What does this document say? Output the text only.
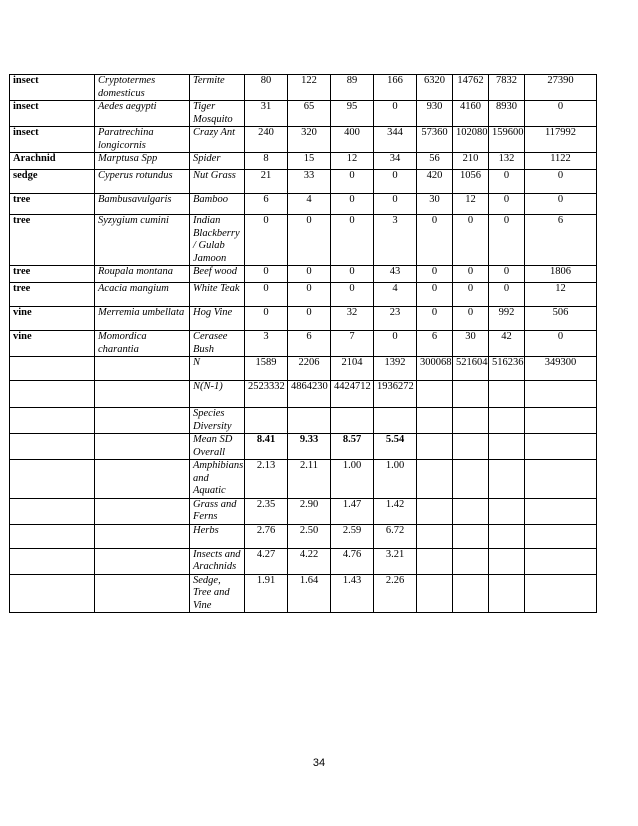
insect	Cryptotermes domesticus	Termite	80	122	89	166	6320	14762	7832	27390
insect	Aedes aegypti	Tiger Mosquito	31	65	95	0	930	4160	8930	0
insect	Paratrechina longicornis	Crazy Ant	240	320	400	344	57360	102080	159600	117992
Arachnid	Marptusa Spp	Spider	8	15	12	34	56	210	132	1122
sedge	Cyperus rotundus	Nut Grass	21	33	0	0	420	1056	0	0
tree	Bambusavulgaris	Bamboo	6	4	0	0	30	12	0	0
tree	Syzygium cumini	Indian Blackberry / Gulab Jamoon	0	0	0	3	0	0	0	6
tree	Roupala montana	Beef wood	0	0	0	43	0	0	0	1806
tree	Acacia mangium	White Teak	0	0	0	4	0	0	0	12
vine	Merremia umbellata	Hog Vine	0	0	32	23	0	0	992	506
vine	Momordica charantia	Cerasee Bush	3	6	7	0	6	30	42	0
		N	1589	2206	2104	1392	300068	521604	516236	349300
		N(N-1)	2523332	4864230	4424712	1936272				
		Species Diversity								
		Mean SD Overall	8.41	9.33	8.57	5.54				
		Amphibians and Aquatic	2.13	2.11	1.00	1.00				
		Grass and Ferns	2.35	2.90	1.47	1.42				
		Herbs	2.76	2.50	2.59	6.72				
		Insects and Arachnids	4.27	4.22	4.76	3.21				
		Sedge, Tree and Vine	1.91	1.64	1.43	2.26				
34
